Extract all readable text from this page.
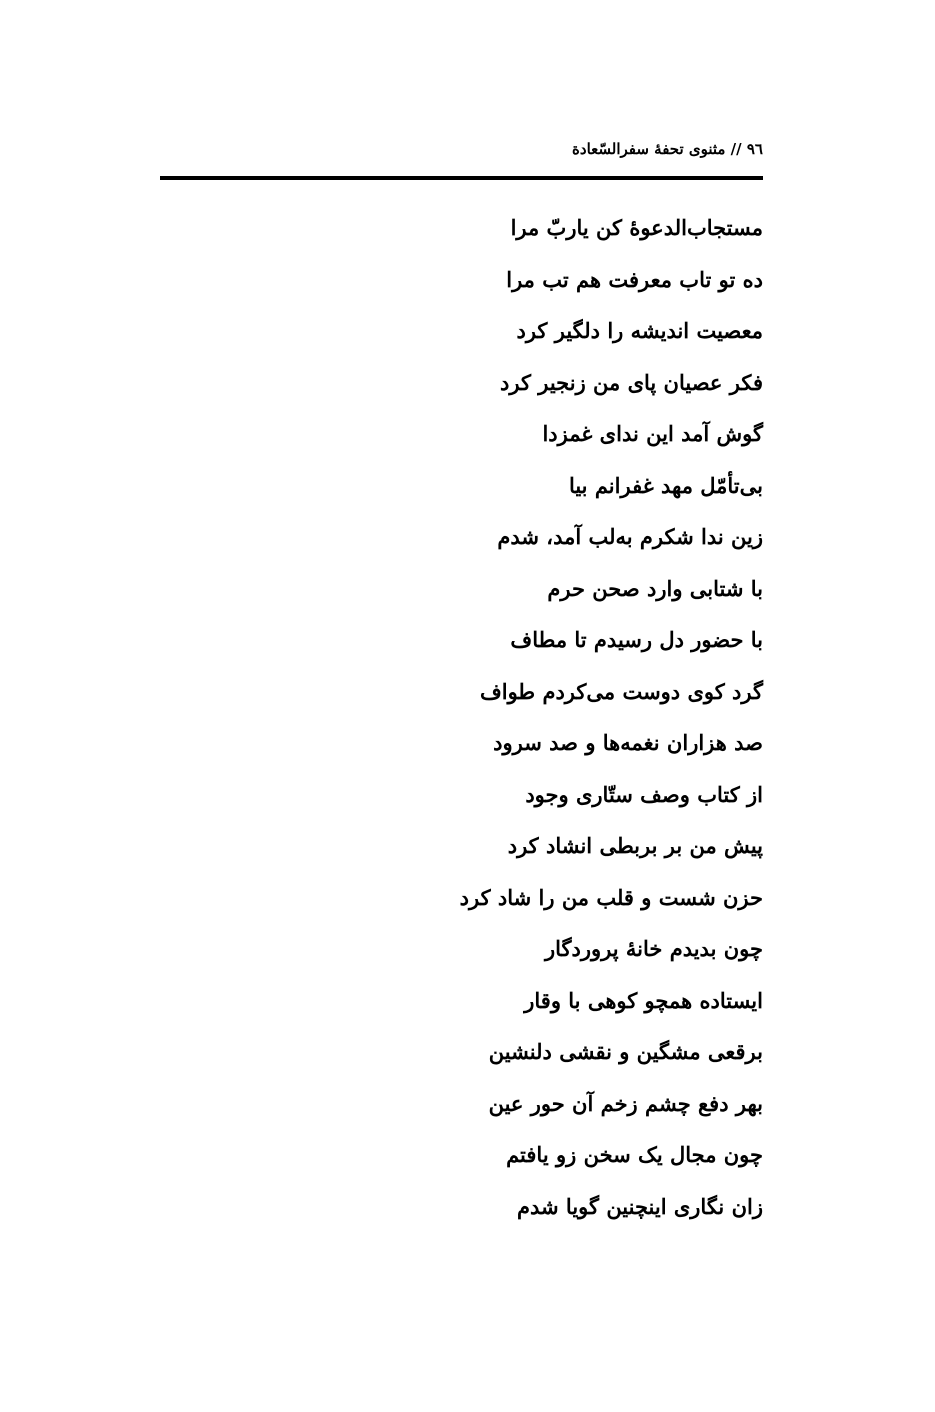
٩٦ // مثنوی تحفهٔ سفرالسّعادة
مستجاب‌الدعوه‌ٔ کن یاربّ مرا
ده تو تاب معرفت هم تب مرا
معصیت اندیشه را دلگیر کرد
فکر عصیان پای من زنجیر کرد
گوش آمد این ندای غمزدا
بی‌تأمّل مهد غفرانم بیا
زین ندا شکرم به‌لب آمد، شدم
با شتابی وارد صحن حرم
با حضور دل رسیدم تا مطاف
گرد کوی دوست می‌کردم طواف
صد هزاران نغمه‌ها و صد سرود
از کتاب وصف ستّاری وجود
پیش من بر بربطی انشاد کرد
حزن شست و قلب من را شاد کرد
چون بدیدم خانهٔ پروردگار
ایستاده همچو کوهی با وقار
برقعی مشگین و نقشی دلنشین
بهر دفع چشم زخم آن حور عین
چون مجال یک سخن زو یافتم
زان نگاری اینچنین گویا شدم
